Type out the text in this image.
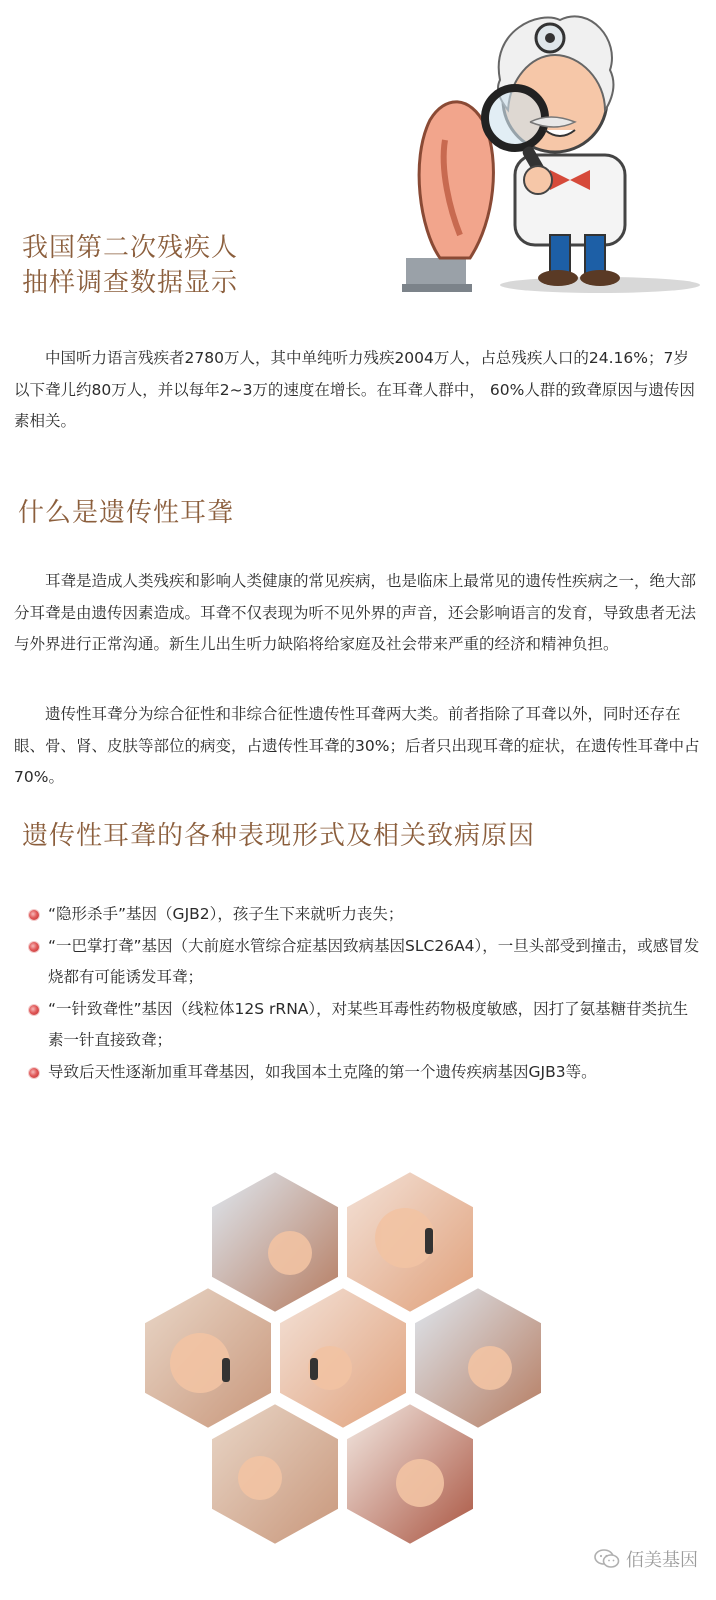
我国第二次残疾人
抽样调查数据显示

中国听力语言残疾者2780万人，其中单纯听力残疾2004万人，占总残疾人口的24.16%；7岁以下聋儿约80万人，并以每年2~3万的速度在增长。在耳聋人群中， 60%人群的致聋原因与遗传因素相关。

什么是遗传性耳聋

耳聋是造成人类残疾和影响人类健康的常见疾病，也是临床上最常见的遗传性疾病之一，绝大部分耳聋是由遗传因素造成。耳聋不仅表现为听不见外界的声音，还会影响语言的发育，导致患者无法与外界进行正常沟通。新生儿出生听力缺陷将给家庭及社会带来严重的经济和精神负担。

遗传性耳聋分为综合征性和非综合征性遗传性耳聋两大类。前者指除了耳聋以外，同时还存在眼、骨、肾、皮肤等部位的病变，占遗传性耳聋的30%；后者只出现耳聋的症状，在遗传性耳聋中占70%。

遗传性耳聋的各种表现形式及相关致病原因
“隐形杀手”基因（GJB2），孩子生下来就听力丧失；
“一巴掌打聋”基因（大前庭水管综合症基因致病基因SLC26A4），一旦头部受到撞击，或感冒发烧都有可能诱发耳聋；
“一针致聋性”基因（线粒体12S rRNA），对某些耳毒性药物极度敏感，因打了氨基糖苷类抗生素一针直接致聋；
导致后天性逐渐加重耳聋基因，如我国本土克隆的第一个遗传疾病基因GJB3等。
佰美基因
